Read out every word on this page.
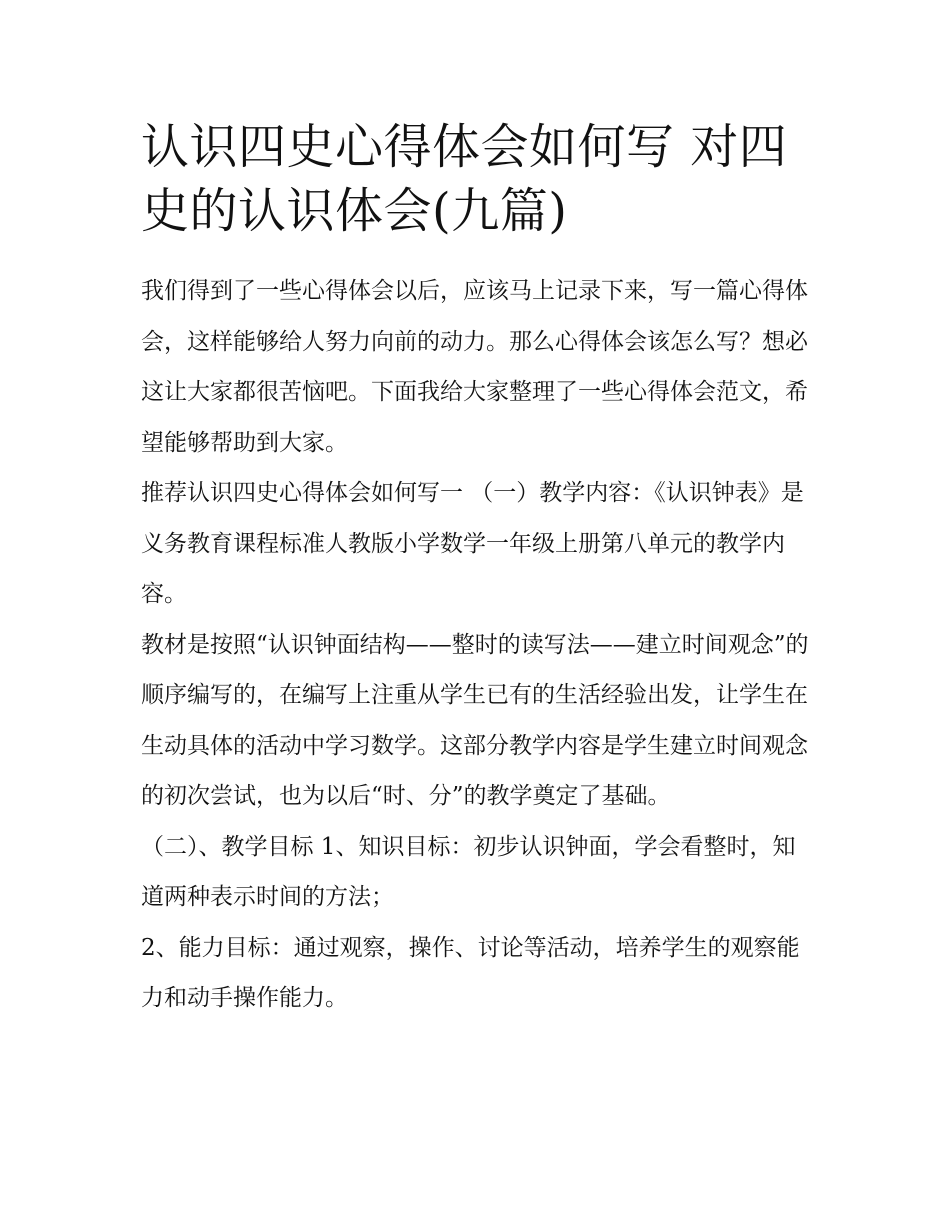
认识四史心得体会如何写 对四史的认识体会(九篇)

我们得到了一些心得体会以后，应该马上记录下来，写一篇心得体会，这样能够给人努力向前的动力。那么心得体会该怎么写？想必这让大家都很苦恼吧。下面我给大家整理了一些心得体会范文，希望能够帮助到大家。

推荐认识四史心得体会如何写一 （一）教学内容：《认识钟表》是义务教育课程标准人教版小学数学一年级上册第八单元的教学内容。

教材是按照“认识钟面结构——整时的读写法——建立时间观念”的顺序编写的，在编写上注重从学生已有的生活经验出发，让学生在生动具体的活动中学习数学。这部分教学内容是学生建立时间观念的初次尝试，也为以后“时、分”的教学奠定了基础。

（二）、教学目标 1、知识目标：初步认识钟面，学会看整时，知道两种表示时间的方法；

2、能力目标：通过观察，操作、讨论等活动，培养学生的观察能力和动手操作能力。
